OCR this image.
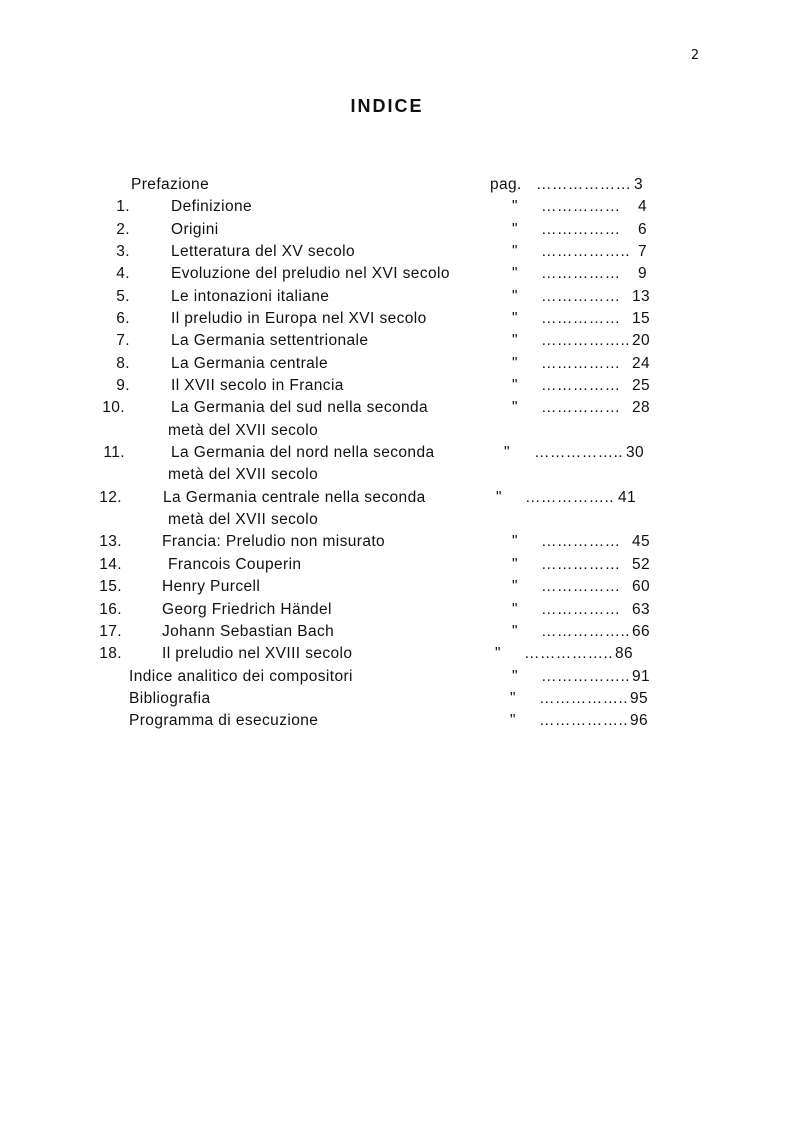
2
INDICE
Prefazione	pag. ……………… 3
1.	Definizione	" …………… 4
2.	Origini	" …………… 6
3.	Letteratura del XV secolo	" …………….. 7
4.	Evoluzione del preludio nel XVI secolo	" …………… 9
5.	Le intonazioni italiane	" …………… 13
6.	Il preludio in Europa nel XVI secolo	" …………… 15
7.	La Germania settentrionale	" …………….. 20
8.	La Germania centrale	" …………… 24
9.	Il XVII secolo in Francia	" …………… 25
10.	La Germania del sud nella seconda	" …………… 28
metà del XVII secolo
11.	La Germania del nord nella seconda	" …………….. 30
metà del XVII secolo
12.	La Germania centrale nella seconda	" …………….. 41
metà del XVII secolo
13.	Francia: Preludio non misurato	" …………… 45
14.	Francois Couperin	" …………… 52
15.	Henry Purcell	" …………… 60
16.	Georg Friedrich Händel	" …………… 63
17.	Johann Sebastian Bach	" …………….. 66
18.	Il preludio nel XVIII secolo	" …………….. 86
Indice analitico dei compositori	" …………….. 91
Bibliografia	" …………….. 95
Programma di esecuzione	" …………….. 96
